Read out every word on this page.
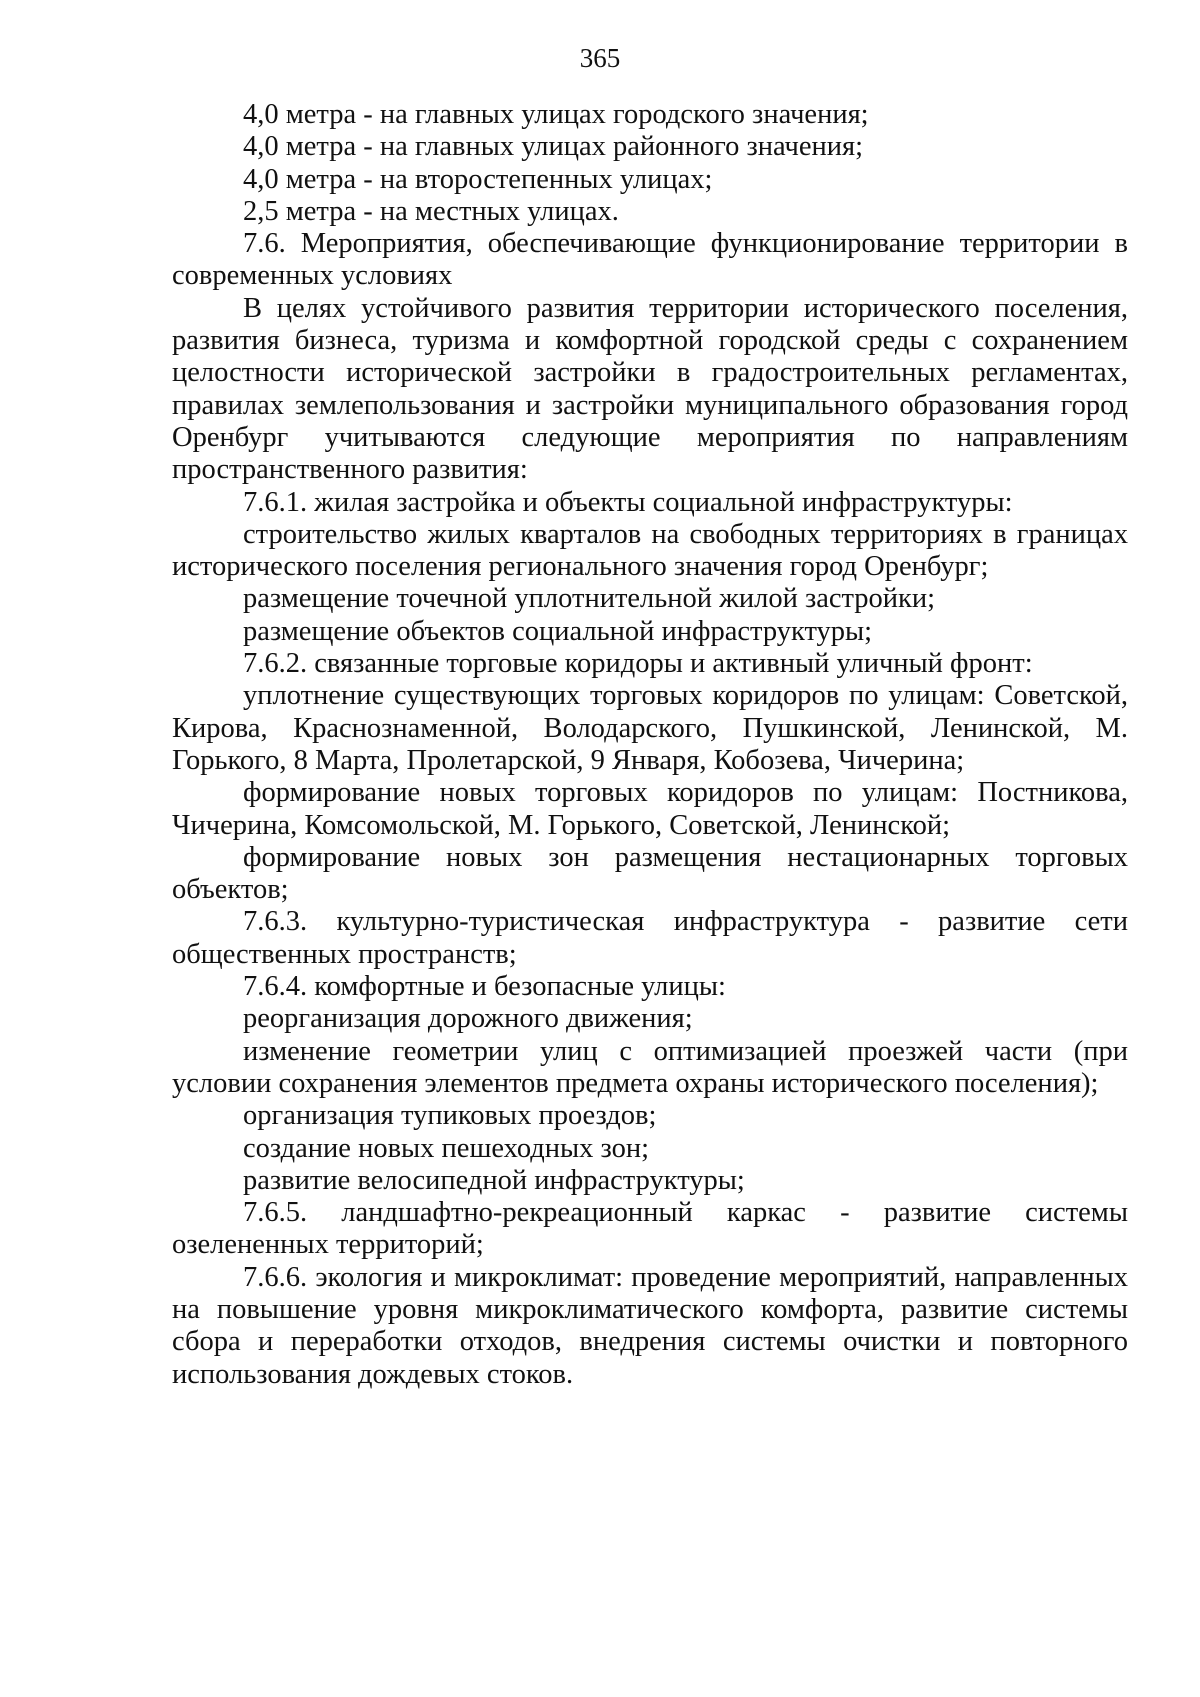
365

4,0 метра - на главных улицах городского значения;

4,0 метра - на главных улицах районного значения;

4,0 метра - на второстепенных улицах;

2,5 метра - на местных улицах.

7.6. Мероприятия, обеспечивающие функционирование территории в современных условиях

В целях устойчивого развития территории исторического поселения, развития бизнеса, туризма и комфортной городской среды с сохранением целостности исторической застройки в градостроительных регламентах, правилах землепользования и застройки муниципального образования город Оренбург учитываются следующие мероприятия по направлениям пространственного развития:

7.6.1. жилая застройка и объекты социальной инфраструктуры:

строительство жилых кварталов на свободных территориях в границах исторического поселения регионального значения город Оренбург;

размещение точечной уплотнительной жилой застройки;

размещение объектов социальной инфраструктуры;

7.6.2. связанные торговые коридоры и активный уличный фронт:

уплотнение существующих торговых коридоров по улицам: Советской, Кирова, Краснознаменной, Володарского, Пушкинской, Ленинской, М. Горького, 8 Марта, Пролетарской, 9 Января, Кобозева, Чичерина;

формирование новых торговых коридоров по улицам: Постникова, Чичерина, Комсомольской, М. Горького, Советской, Ленинской;

формирование новых зон размещения нестационарных торговых объектов;

7.6.3. культурно-туристическая инфраструктура - развитие сети общественных пространств;

7.6.4. комфортные и безопасные улицы:

реорганизация дорожного движения;

изменение геометрии улиц с оптимизацией проезжей части (при условии сохранения элементов предмета охраны исторического поселения);

организация тупиковых проездов;

создание новых пешеходных зон;

развитие велосипедной инфраструктуры;

7.6.5. ландшафтно-рекреационный каркас - развитие системы озелененных территорий;

7.6.6. экология и микроклимат: проведение мероприятий, направленных на повышение уровня микроклиматического комфорта, развитие системы сбора и переработки отходов, внедрения системы очистки и повторного использования дождевых стоков.
